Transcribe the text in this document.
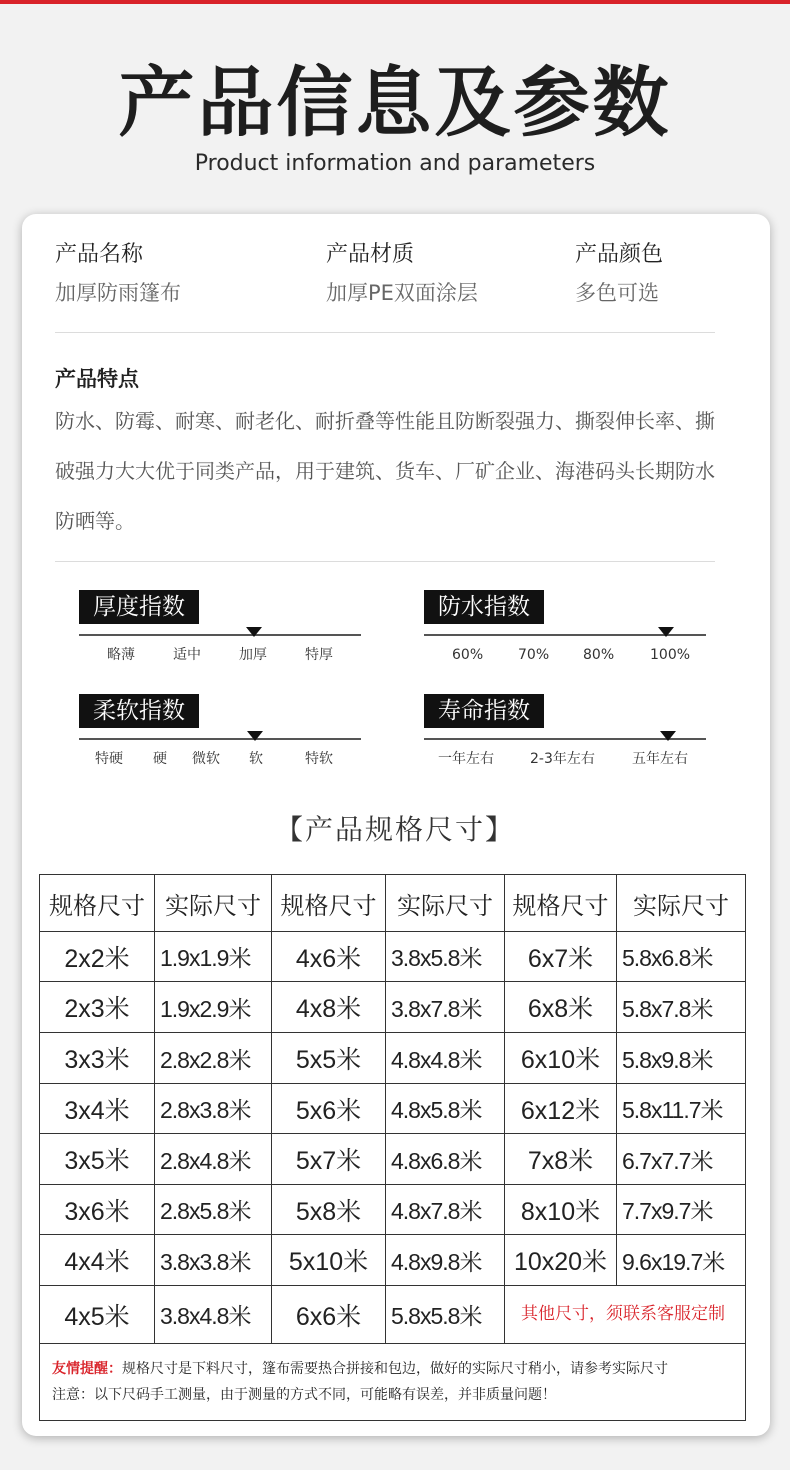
产品信息及参数
Product information and parameters
产品名称
加厚防雨篷布
产品材质
加厚PE双面涂层
产品颜色
多色可选
产品特点
防水、防霉、耐寒、耐老化、耐折叠等性能且防断裂强力、撕裂伸长率、撕破强力大大优于同类产品，用于建筑、货车、厂矿企业、海港码头长期防水防晒等。
厚度指数
略薄	适中	加厚	特厚
防水指数
60% 70% 80%	100%
柔软指数
特硬 硬 微软 软	特软
寿命指数
一年左右	2-3年左右	五年左右
【产品规格尺寸】
规格尺寸	实际尺寸	规格尺寸	实际尺寸	规格尺寸	实际尺寸
2x2米	1.9x1.9米	4x6米	3.8x5.8米	6x7米	5.8x6.8米
2x3米	1.9x2.9米	4x8米	3.8x7.8米	6x8米	5.8x7.8米
3x3米	2.8x2.8米	5x5米	4.8x4.8米	6x10米	5.8x9.8米
3x4米	2.8x3.8米	5x6米	4.8x5.8米	6x12米	5.8x11.7米
3x5米	2.8x4.8米	5x7米	4.8x6.8米	7x8米	6.7x7.7米
3x6米	2.8x5.8米	5x8米	4.8x7.8米	8x10米	7.7x9.7米
4x4米	3.8x3.8米	5x10米	4.8x9.8米	10x20米	9.6x19.7米
4x5米	3.8x4.8米	6x6米	5.8x5.8米	其他尺寸，须联系客服定制	

友情提醒：规格尺寸是下料尺寸，篷布需要热合拼接和包边，做好的实际尺寸稍小，请参考实际尺寸
注意：以下尺码手工测量，由于测量的方式不同，可能略有误差，并非质量问题！					
